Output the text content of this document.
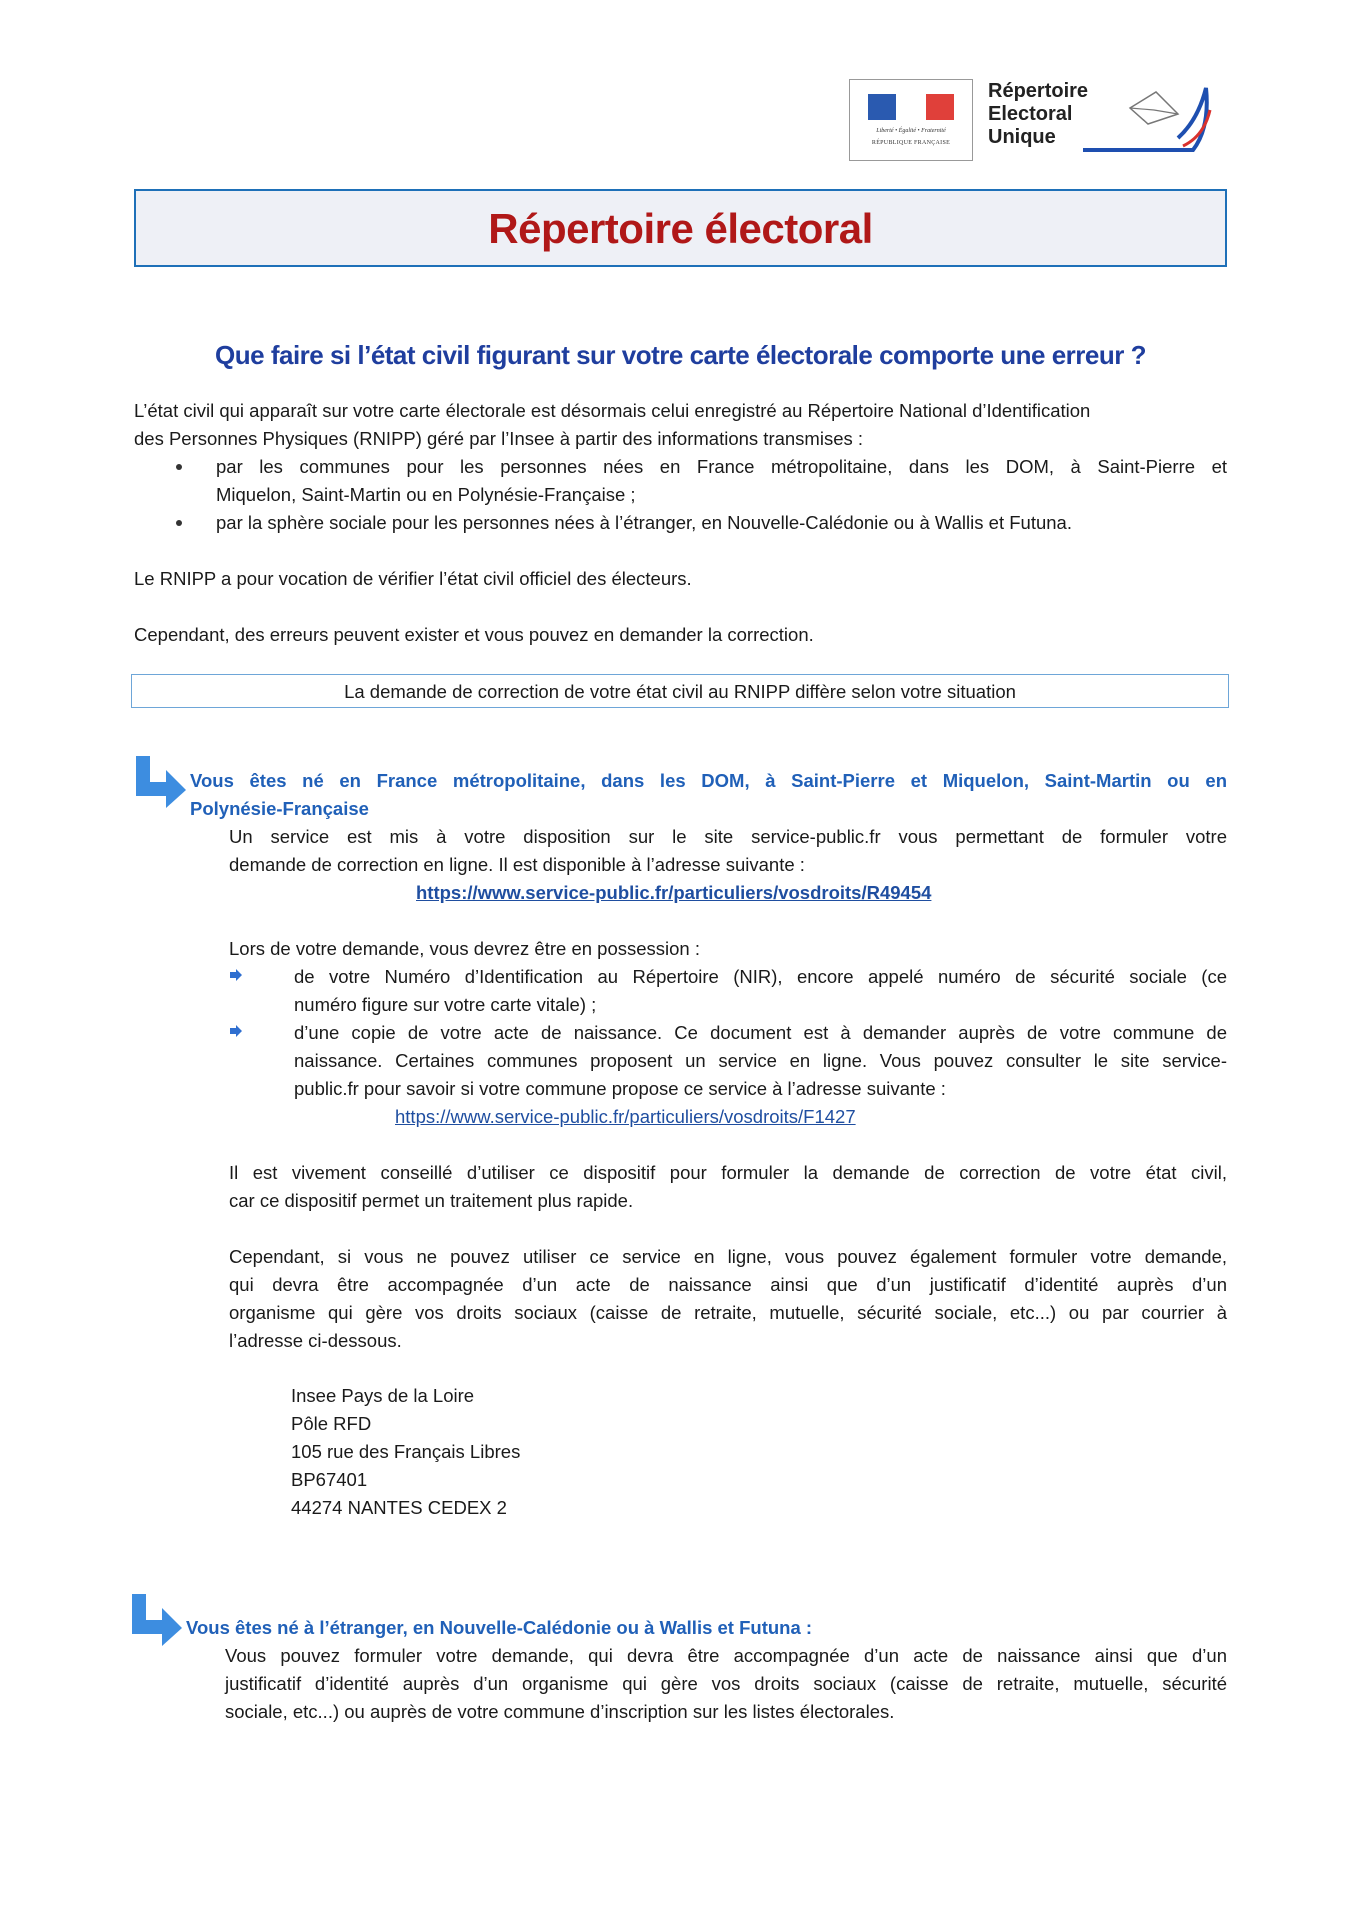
Liberté • Égalité • Fraternité
RÉPUBLIQUE FRANÇAISE
Répertoire
Electoral
Unique
Répertoire électoral
Que faire si l’état civil figurant sur votre carte électorale comporte une erreur ?

L’état civil qui apparaît sur votre carte électorale est désormais celui enregistré au Répertoire National d’Identification

des Personnes Physiques (RNIPP) géré par l’Insee à partir des informations transmises :

par les communes pour les personnes nées en France métropolitaine, dans les DOM, à Saint-Pierre et

Miquelon, Saint-Martin ou en Polynésie-Française ;

par la sphère sociale pour les personnes nées à l’étranger, en Nouvelle-Calédonie ou à Wallis et Futuna.

Le RNIPP a pour vocation de vérifier l’état civil officiel des électeurs.

Cependant, des erreurs peuvent exister et vous pouvez en demander la correction.

La demande de correction de votre état civil au RNIPP diffère selon votre situation

Vous êtes né en France métropolitaine, dans les DOM, à Saint-Pierre et Miquelon, Saint-Martin ou en

Polynésie-Française

Un service est mis à votre disposition sur le site service-public.fr vous permettant de formuler votre

demande de correction en ligne. Il est disponible à l’adresse suivante :

https://www.service-public.fr/particuliers/vosdroits/R49454

Lors de votre demande, vous devrez être en possession :

de votre Numéro d’Identification au Répertoire (NIR), encore appelé numéro de sécurité sociale (ce

numéro figure sur votre carte vitale) ;

d’une copie de votre acte de naissance. Ce document est à demander auprès de votre commune de

naissance. Certaines communes proposent un service en ligne. Vous pouvez consulter le site service-

public.fr pour savoir si votre commune propose ce service à l’adresse suivante :

https://www.service-public.fr/particuliers/vosdroits/F1427

Il est vivement conseillé d’utiliser ce dispositif pour formuler la demande de correction de votre état civil,

car ce dispositif permet un traitement plus rapide.

Cependant, si vous ne pouvez utiliser ce service en ligne, vous pouvez également formuler votre demande,

qui devra être accompagnée d’un acte de naissance ainsi que d’un justificatif d’identité auprès d’un

organisme qui gère vos droits sociaux (caisse de retraite, mutuelle, sécurité sociale, etc...) ou par courrier à

l’adresse ci-dessous.

Insee Pays de la Loire
Pôle RFD
105 rue des Français Libres
BP67401
44274 NANTES CEDEX 2

Vous êtes né à l’étranger, en Nouvelle-Calédonie ou à Wallis et Futuna :

Vous pouvez formuler votre demande, qui devra être accompagnée d’un acte de naissance ainsi que d’un

justificatif d’identité auprès d’un organisme qui gère vos droits sociaux (caisse de retraite, mutuelle, sécurité

sociale, etc...) ou auprès de votre commune d’inscription sur les listes électorales.
